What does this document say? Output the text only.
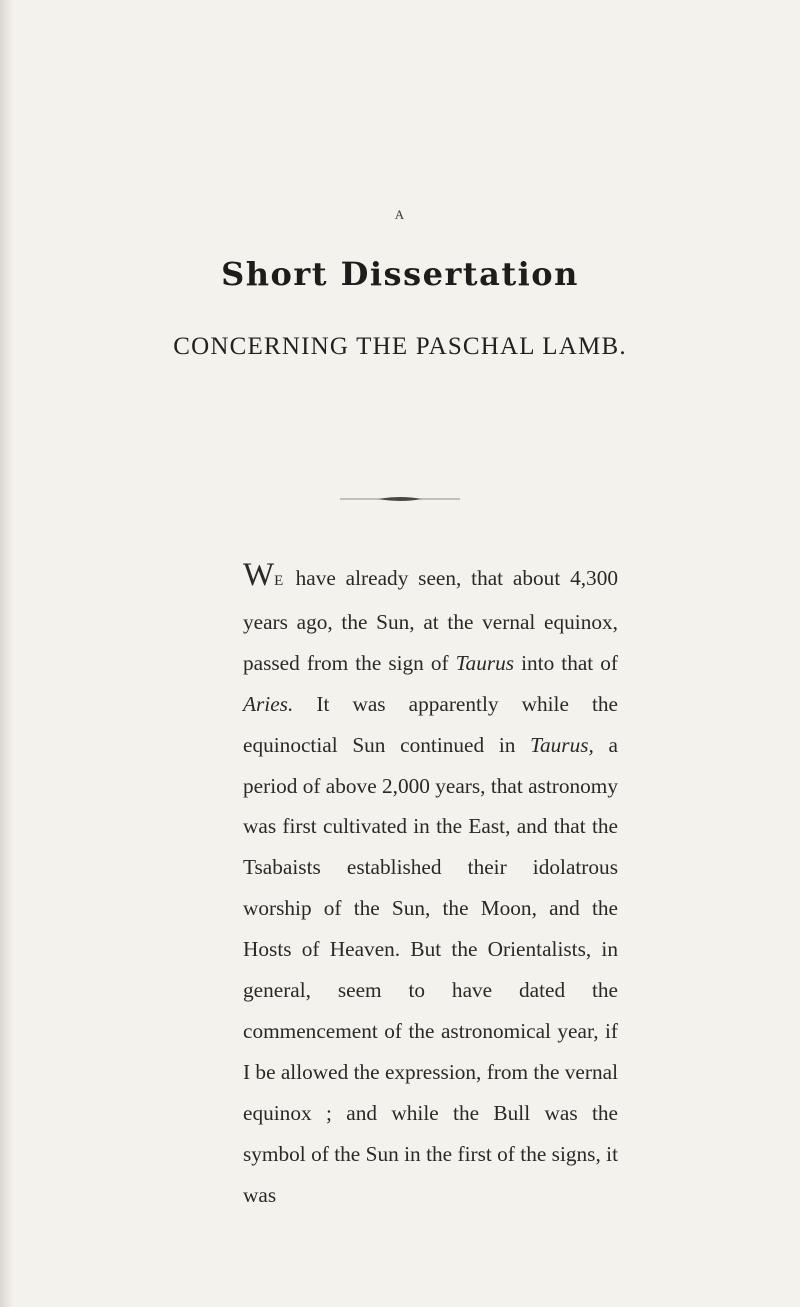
A
Short Dissertation
CONCERNING THE PASCHAL LAMB.

WE have already seen, that about 4,300 years ago, the Sun, at the vernal equinox, passed from the sign of Taurus into that of Aries. It was apparently while the equinoctial Sun continued in Taurus, a period of above 2,000 years, that astronomy was first cultivated in the East, and that the Tsabaists established their idolatrous worship of the Sun, the Moon, and the Hosts of Heaven. But the Orientalists, in general, seem to have dated the commencement of the astronomical year, if I be allowed the expression, from the vernal equinox ; and while the Bull was the symbol of the Sun in the first of the signs, it was
